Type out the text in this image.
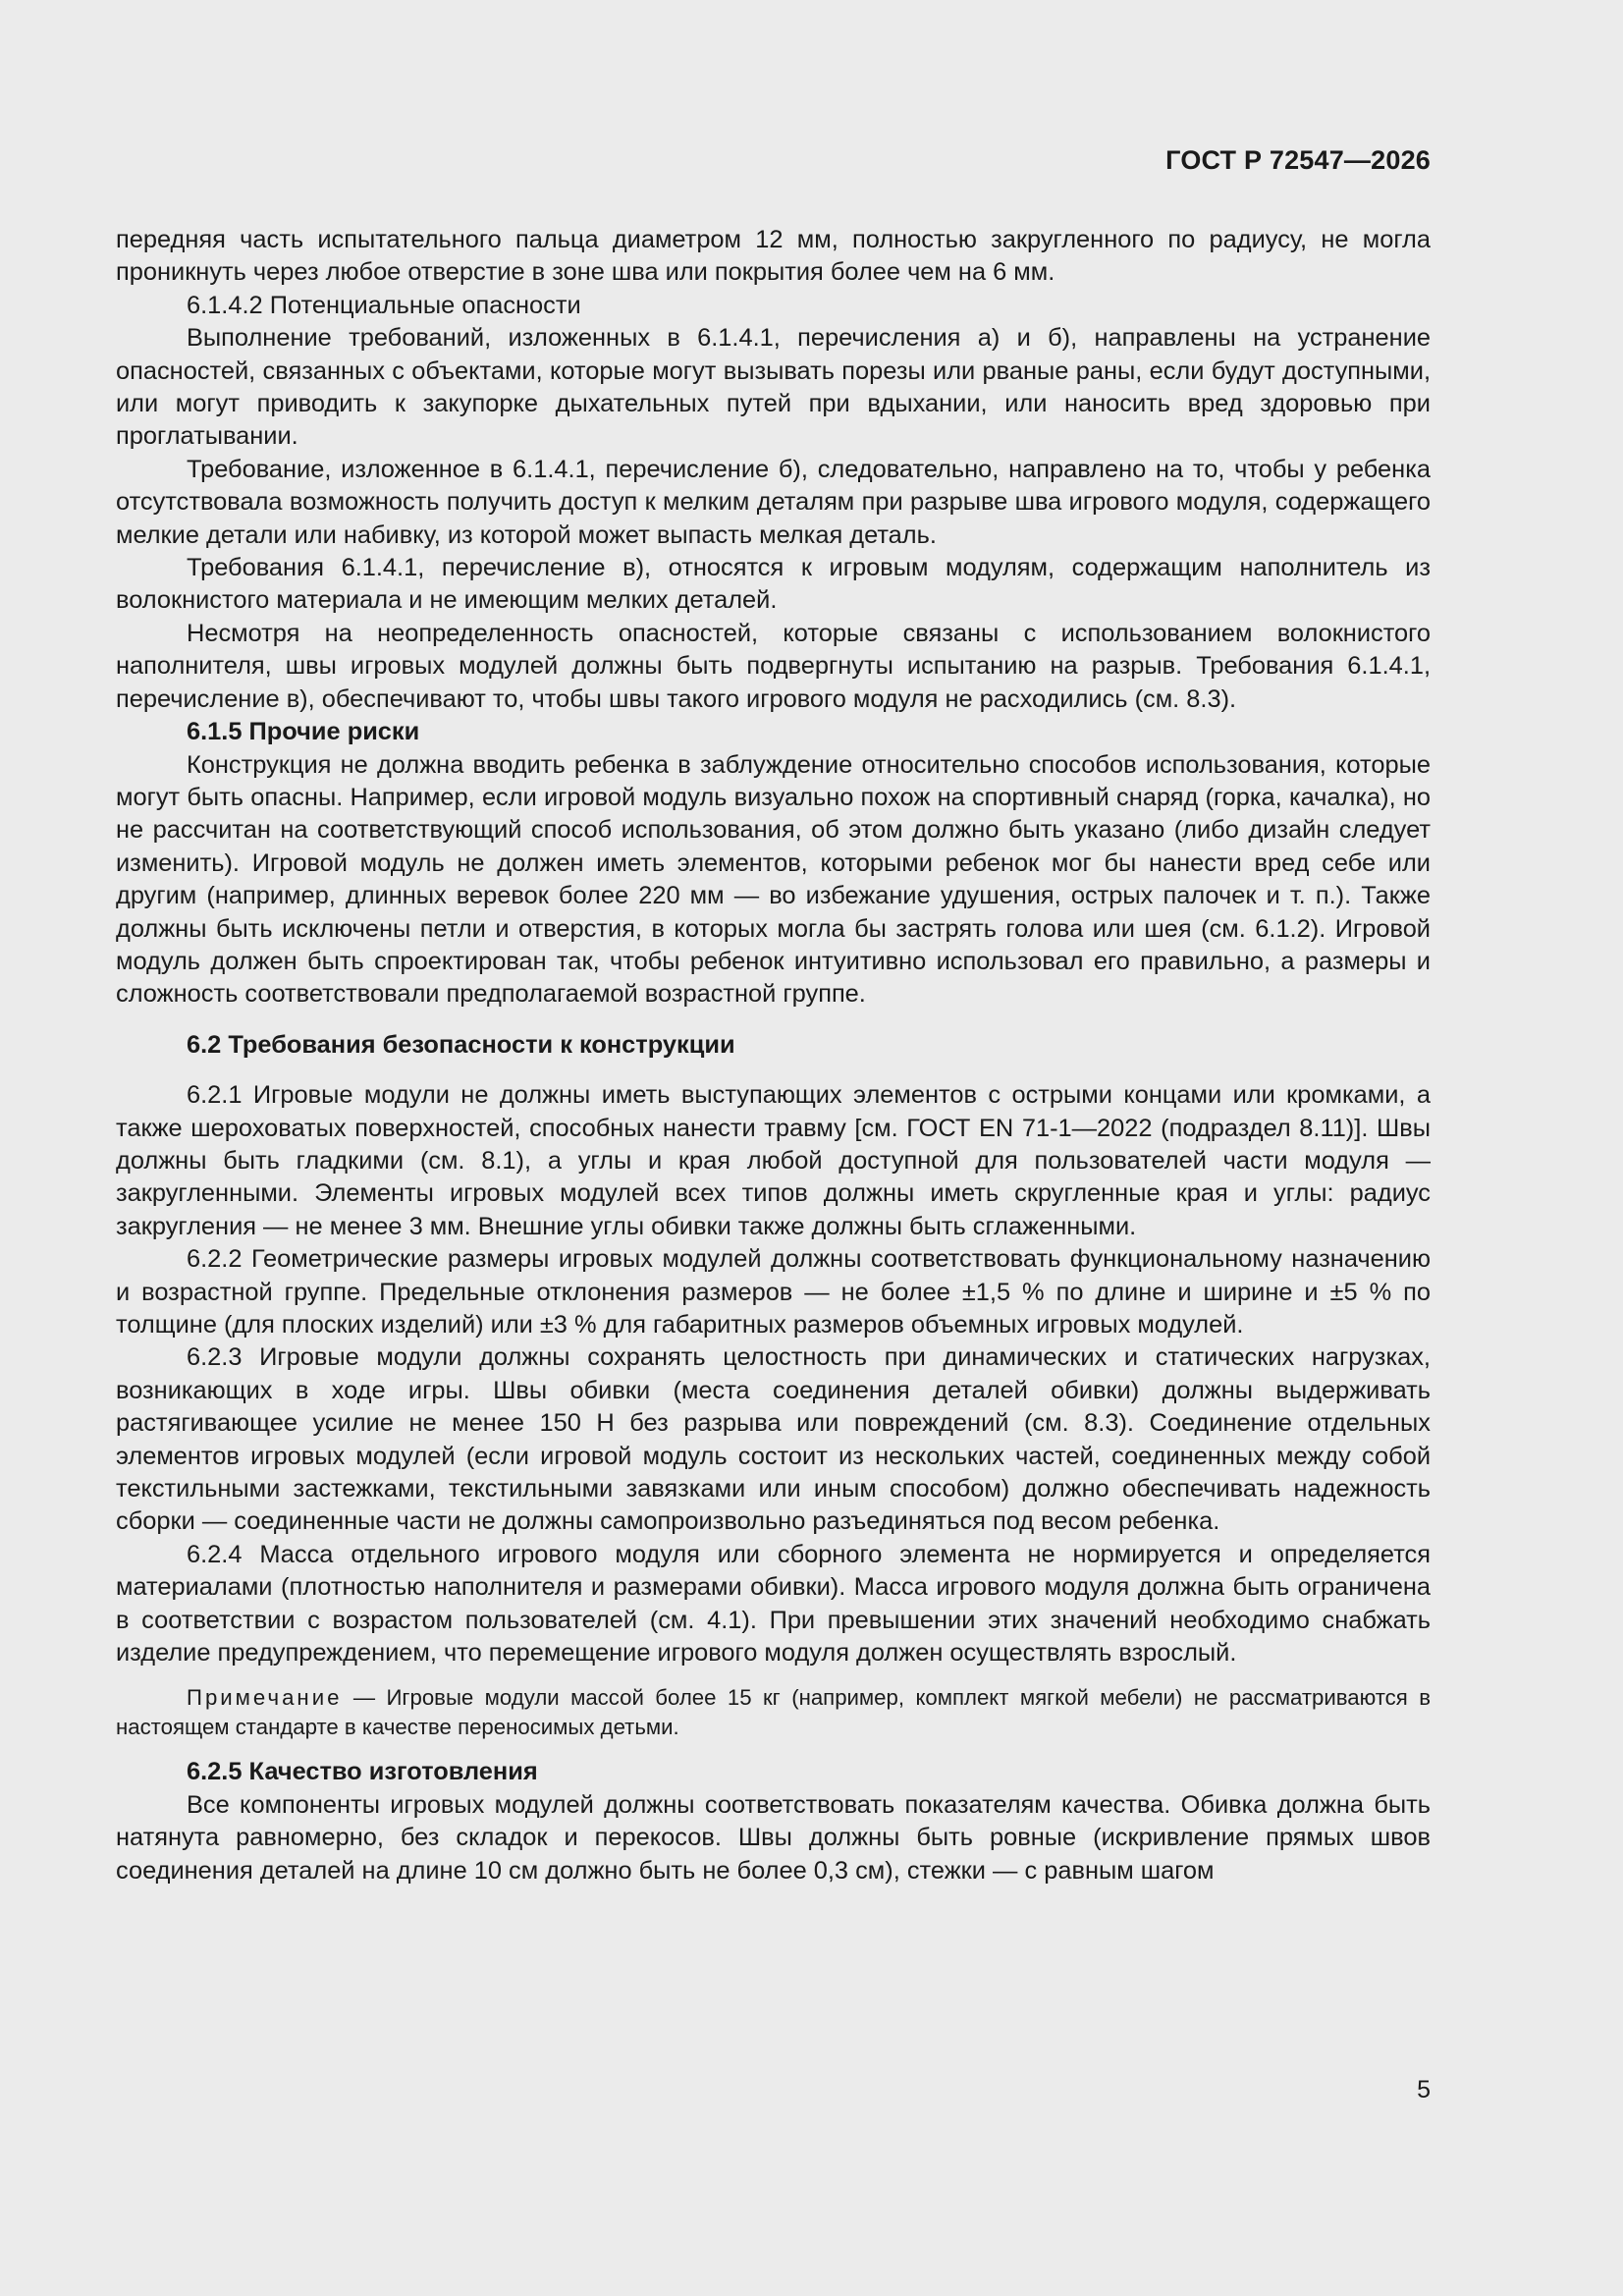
ГОСТ Р 72547—2026

передняя часть испытательного пальца диаметром 12 мм, полностью закругленного по радиусу, не могла проникнуть через любое отверстие в зоне шва или покрытия более чем на 6 мм.

6.1.4.2 Потенциальные опасности

Выполнение требований, изложенных в 6.1.4.1, перечисления а) и б), направлены на устранение опасностей, связанных с объектами, которые могут вызывать порезы или рваные раны, если будут доступными, или могут приводить к закупорке дыхательных путей при вдыхании, или наносить вред здоровью при проглатывании.

Требование, изложенное в 6.1.4.1, перечисление б), следовательно, направлено на то, чтобы у ребенка отсутствовала возможность получить доступ к мелким деталям при разрыве шва игрового модуля, содержащего мелкие детали или набивку, из которой может выпасть мелкая деталь.

Требования 6.1.4.1, перечисление в), относятся к игровым модулям, содержащим наполнитель из волокнистого материала и не имеющим мелких деталей.

Несмотря на неопределенность опасностей, которые связаны с использованием волокнистого наполнителя, швы игровых модулей должны быть подвергнуты испытанию на разрыв. Требования 6.1.4.1, перечисление в), обеспечивают то, чтобы швы такого игрового модуля не расходились (см. 8.3).

6.1.5 Прочие риски

Конструкция не должна вводить ребенка в заблуждение относительно способов использования, которые могут быть опасны. Например, если игровой модуль визуально похож на спортивный снаряд (горка, качалка), но не рассчитан на соответствующий способ использования, об этом должно быть указано (либо дизайн следует изменить). Игровой модуль не должен иметь элементов, которыми ребенок мог бы нанести вред себе или другим (например, длинных веревок более 220 мм — во избежание удушения, острых палочек и т. п.). Также должны быть исключены петли и отверстия, в которых могла бы застрять голова или шея (см. 6.1.2). Игровой модуль должен быть спроектирован так, чтобы ребенок интуитивно использовал его правильно, а размеры и сложность соответствовали предполагаемой возрастной группе.

6.2 Требования безопасности к конструкции

6.2.1 Игровые модули не должны иметь выступающих элементов с острыми концами или кромками, а также шероховатых поверхностей, способных нанести травму [см. ГОСТ EN 71-1—2022 (подраздел 8.11)]. Швы должны быть гладкими (см. 8.1), а углы и края любой доступной для пользователей части модуля — закругленными. Элементы игровых модулей всех типов должны иметь скругленные края и углы: радиус закругления — не менее 3 мм. Внешние углы обивки также должны быть сглаженными.

6.2.2 Геометрические размеры игровых модулей должны соответствовать функциональному назначению и возрастной группе. Предельные отклонения размеров — не более ±1,5 % по длине и ширине и ±5 % по толщине (для плоских изделий) или ±3 % для габаритных размеров объемных игровых модулей.

6.2.3 Игровые модули должны сохранять целостность при динамических и статических нагрузках, возникающих в ходе игры. Швы обивки (места соединения деталей обивки) должны выдерживать растягивающее усилие не менее 150 Н без разрыва или повреждений (см. 8.3). Соединение отдельных элементов игровых модулей (если игровой модуль состоит из нескольких частей, соединенных между собой текстильными застежками, текстильными завязками или иным способом) должно обеспечивать надежность сборки — соединенные части не должны самопроизвольно разъединяться под весом ребенка.

6.2.4 Масса отдельного игрового модуля или сборного элемента не нормируется и определяется материалами (плотностью наполнителя и размерами обивки). Масса игрового модуля должна быть ограничена в соответствии с возрастом пользователей (см. 4.1). При превышении этих значений необходимо снабжать изделие предупреждением, что перемещение игрового модуля должен осуществлять взрослый.

Примечание — Игровые модули массой более 15 кг (например, комплект мягкой мебели) не рассматриваются в настоящем стандарте в качестве переносимых детьми.

6.2.5 Качество изготовления

Все компоненты игровых модулей должны соответствовать показателям качества. Обивка должна быть натянута равномерно, без складок и перекосов. Швы должны быть ровные (искривление прямых швов соединения деталей на длине 10 см должно быть не более 0,3 см), стежки — с равным шагом

5
